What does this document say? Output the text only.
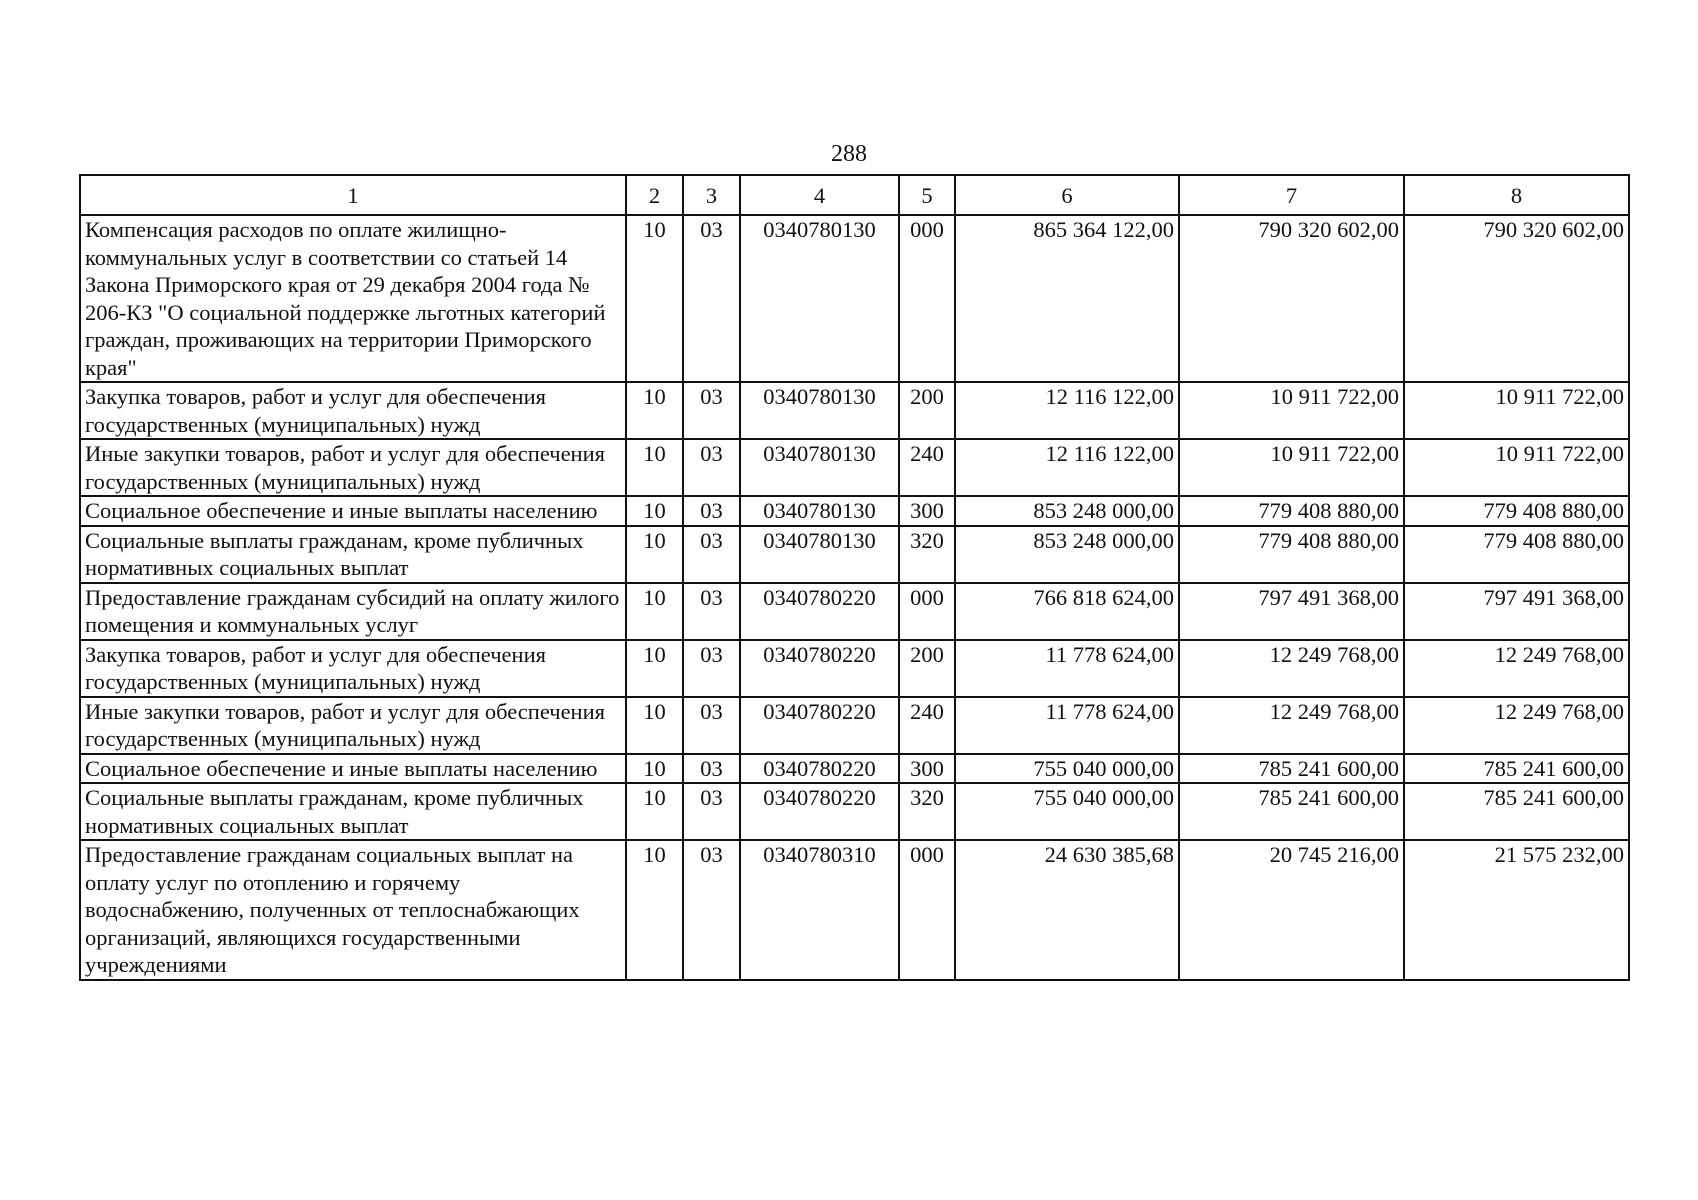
288
1	2	3	4	5	6	7	8
Компенсация расходов по оплате жилищно-коммунальных услуг в соответствии со статьей 14 Закона Приморского края от 29 декабря 2004 года № 206-КЗ "О социальной поддержке льготных категорий граждан, проживающих на территории Приморского края"	10	03	0340780130	000	865 364 122,00	790 320 602,00	790 320 602,00
Закупка товаров, работ и услуг для обеспечения государственных (муниципальных) нужд	10	03	0340780130	200	12 116 122,00	10 911 722,00	10 911 722,00
Иные закупки товаров, работ и услуг для обеспечения государственных (муниципальных) нужд	10	03	0340780130	240	12 116 122,00	10 911 722,00	10 911 722,00
Социальное обеспечение и иные выплаты населению	10	03	0340780130	300	853 248 000,00	779 408 880,00	779 408 880,00
Социальные выплаты гражданам, кроме публичных нормативных социальных выплат	10	03	0340780130	320	853 248 000,00	779 408 880,00	779 408 880,00
Предоставление гражданам субсидий на оплату жилого помещения и коммунальных услуг	10	03	0340780220	000	766 818 624,00	797 491 368,00	797 491 368,00
Закупка товаров, работ и услуг для обеспечения государственных (муниципальных) нужд	10	03	0340780220	200	11 778 624,00	12 249 768,00	12 249 768,00
Иные закупки товаров, работ и услуг для обеспечения государственных (муниципальных) нужд	10	03	0340780220	240	11 778 624,00	12 249 768,00	12 249 768,00
Социальное обеспечение и иные выплаты населению	10	03	0340780220	300	755 040 000,00	785 241 600,00	785 241 600,00
Социальные выплаты гражданам, кроме публичных нормативных социальных выплат	10	03	0340780220	320	755 040 000,00	785 241 600,00	785 241 600,00
Предоставление гражданам социальных выплат на оплату услуг по отоплению и горячему водоснабжению, полученных от теплоснабжающих организаций, являющихся государственными учреждениями	10	03	0340780310	000	24 630 385,68	20 745 216,00	21 575 232,00
